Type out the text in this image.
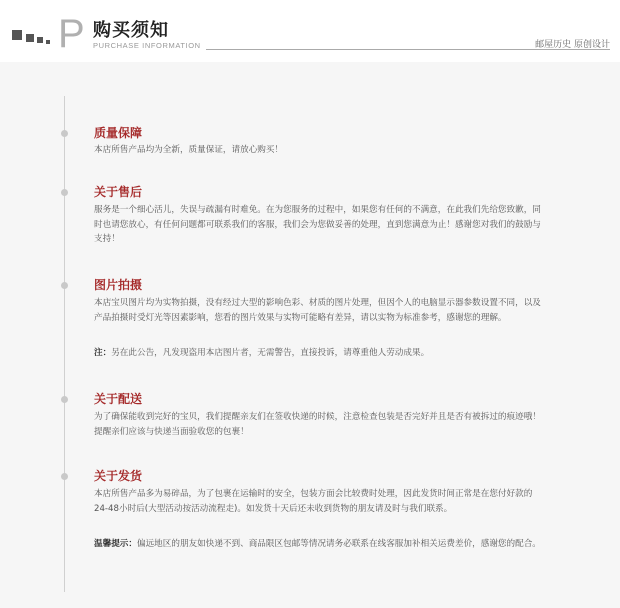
P 购买须知
PURCHASE INFORMATION	邮屋历史 原创设计
质量保障
本店所售产品均为全新，质量保证，请放心购买！
关于售后
服务是一个细心活儿，失误与疏漏有时难免。在为您服务的过程中，如果您有任何的不满意，在此我们先给您致歉，同时也请您放心，有任何问题都可联系我们的客服，我们会为您做妥善的处理，直到您满意为止！感谢您对我们的鼓励与支持！
图片拍摄
本店宝贝图片均为实物拍摄，没有经过大型的影响色彩、材质的图片处理，但因个人的电脑显示器参数设置不同，以及产品拍摄时受灯光等因素影响，您看的图片效果与实物可能略有差异，请以实物为标准参考，感谢您的理解。
注：另在此公告，凡发现盗用本店图片者，无需警告，直接投诉，请尊重他人劳动成果。
关于配送
为了确保能收到完好的宝贝，我们提醒亲友们在签收快递的时候，注意检查包装是否完好并且是否有被拆过的痕迹哦！提醒亲们应该与快递当面验收您的包裹！
关于发货
本店所售产品多为易碎品，为了包裹在运输时的安全，包装方面会比较费时处理，因此发货时间正常是在您付好款的24-48小时后(大型活动按活动流程走)。如发货十天后还未收到货物的朋友请及时与我们联系。
温馨提示：偏远地区的朋友如快递不到、商品限区包邮等情况请务必联系在线客服加补相关运费差价，感谢您的配合。
